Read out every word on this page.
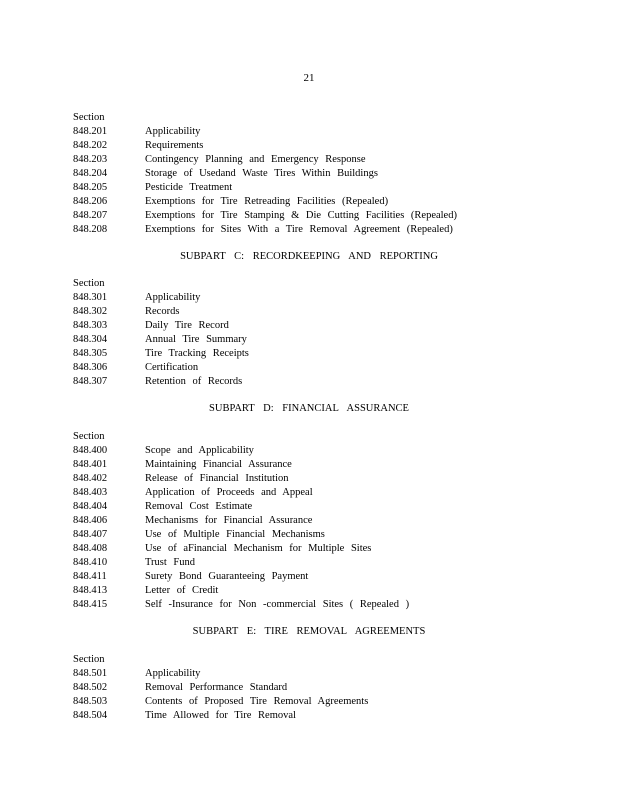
21
Section
848.201	Applicability
848.202	Requirements
848.203	Contingency Planning and Emergency Response
848.204	Storage of Usedand Waste Tires Within Buildings
848.205	Pesticide Treatment
848.206	Exemptions for Tire Retreading Facilities (Repealed)
848.207	Exemptions for Tire Stamping & Die Cutting Facilities (Repealed)
848.208	Exemptions for Sites With a Tire Removal Agreement (Repealed)
SUBPART C: RECORDKEEPING AND REPORTING
Section
848.301	Applicability
848.302	Records
848.303	Daily Tire Record
848.304	Annual Tire Summary
848.305	Tire Tracking Receipts
848.306	Certification
848.307	Retention of Records
SUBPART D: FINANCIAL ASSURANCE
Section
848.400	Scope and Applicability
848.401	Maintaining Financial Assurance
848.402	Release of Financial Institution
848.403	Application of Proceeds and Appeal
848.404	Removal Cost Estimate
848.406	Mechanisms for Financial Assurance
848.407	Use of Multiple Financial Mechanisms
848.408	Use of aFinancial Mechanism for Multiple Sites
848.410	Trust Fund
848.411	Surety Bond Guaranteeing Payment
848.413	Letter of Credit
848.415	Self -Insurance for Non -commercial Sites ( Repealed )
SUBPART E: TIRE REMOVAL AGREEMENTS
Section
848.501	Applicability
848.502	Removal Performance Standard
848.503	Contents of Proposed Tire Removal Agreements
848.504	Time Allowed for Tire Removal
